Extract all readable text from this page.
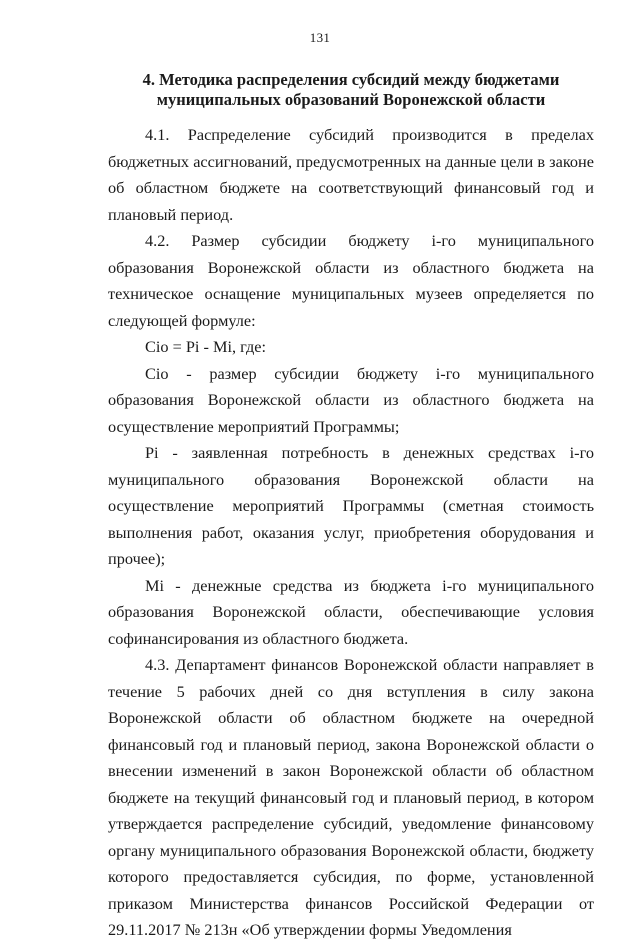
131
4. Методика распределения субсидий между бюджетами
муниципальных образований Воронежской области

4.1. Распределение субсидий производится в пределах бюджетных ассигнований, предусмотренных на данные цели в законе об областном бюджете на соответствующий финансовый год и плановый период.

4.2. Размер субсидии бюджету i-го муниципального образования Воронежской области из областного бюджета на техническое оснащение муниципальных музеев определяется по следующей формуле:

Ciо = Pi - Mi, где:

Ciо - размер субсидии бюджету i-го муниципального образования Воронежской области из областного бюджета на осуществление мероприятий Программы;

Pi - заявленная потребность в денежных средствах i-го муниципального образования Воронежской области на осуществление мероприятий Программы (сметная стоимость выполнения работ, оказания услуг, приобретения оборудования и прочее);

Mi - денежные средства из бюджета i-го муниципального образования Воронежской области, обеспечивающие условия софинансирования из областного бюджета.

4.3. Департамент финансов Воронежской области направляет в течение 5 рабочих дней со дня вступления в силу закона Воронежской области об областном бюджете на очередной финансовый год и плановый период, закона Воронежской области о внесении изменений в закон Воронежской области об областном бюджете на текущий финансовый год и плановый период, в котором утверждается распределение субсидий, уведомление финансовому органу муниципального образования Воронежской области, бюджету которого предоставляется субсидия, по форме, установленной приказом Министерства финансов Российской Федерации от 29.11.2017 № 213н «Об утверждении формы Уведомления
